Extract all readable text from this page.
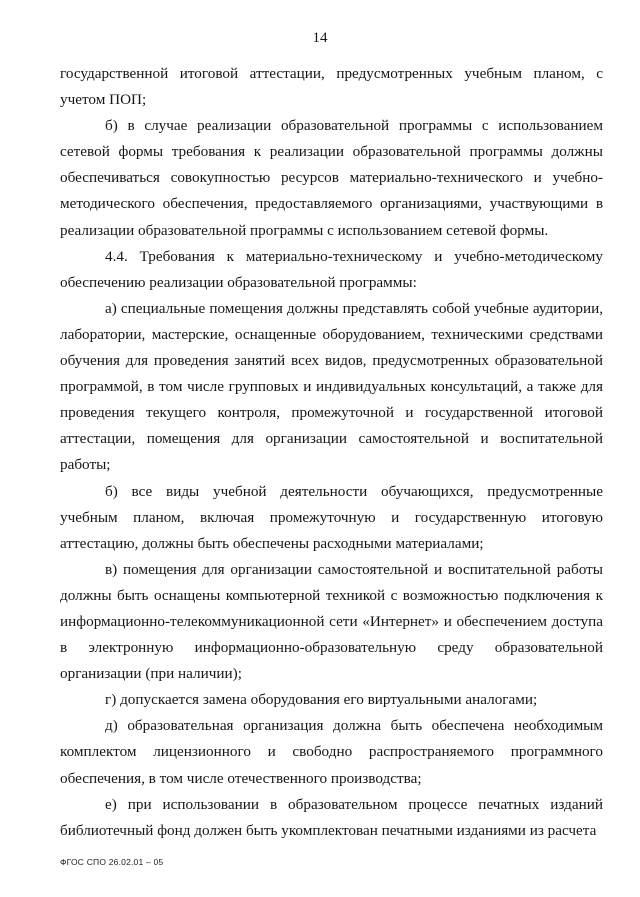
14

государственной итоговой аттестации, предусмотренных учебным планом, с учетом ПОП;

б) в случае реализации образовательной программы с использованием сетевой формы требования к реализации образовательной программы должны обеспечиваться совокупностью ресурсов материально-технического и учебно-методического обеспечения, предоставляемого организациями, участвующими в реализации образовательной программы с использованием сетевой формы.

4.4. Требования к материально-техническому и учебно-методическому обеспечению реализации образовательной программы:

а) специальные помещения должны представлять собой учебные аудитории, лаборатории, мастерские, оснащенные оборудованием, техническими средствами обучения для проведения занятий всех видов, предусмотренных образовательной программой, в том числе групповых и индивидуальных консультаций, а также для проведения текущего контроля, промежуточной и государственной итоговой аттестации, помещения для организации самостоятельной и воспитательной работы;

б) все виды учебной деятельности обучающихся, предусмотренные учебным планом, включая промежуточную и государственную итоговую аттестацию, должны быть обеспечены расходными материалами;

в) помещения для организации самостоятельной и воспитательной работы должны быть оснащены компьютерной техникой с возможностью подключения к информационно-телекоммуникационной сети «Интернет» и обеспечением доступа в электронную информационно-образовательную среду образовательной организации (при наличии);

г) допускается замена оборудования его виртуальными аналогами;

д) образовательная организация должна быть обеспечена необходимым комплектом лицензионного и свободно распространяемого программного обеспечения, в том числе отечественного производства;

е) при использовании в образовательном процессе печатных изданий библиотечный фонд должен быть укомплектован печатными изданиями из расчета

ФГОС СПО 26.02.01 – 05
